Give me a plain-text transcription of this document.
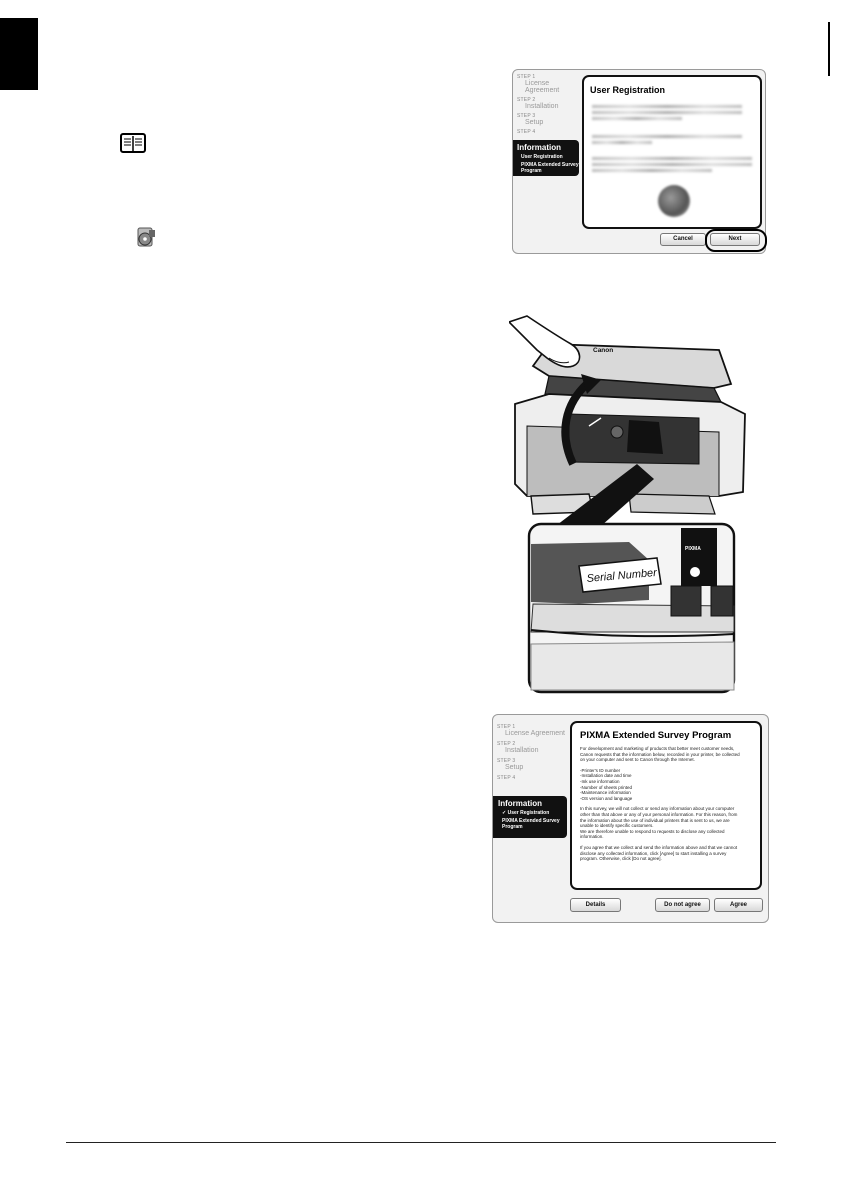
STEP 1
License Agreement
STEP 2
Installation
STEP 3
Setup
STEP 4
Information
User Registration
PIXMA Extended Survey Program
User Registration
Cancel	Next
Canon
PIXMA
Serial Number
STEP 1
License Agreement
STEP 2
Installation
STEP 3
Setup
STEP 4
Information
✓ User Registration
PIXMA Extended Survey Program
PIXMA Extended Survey Program
For development and marketing of products that better meet customer needs,
Canon requests that the information below, recorded in your printer, be collected
on your computer and sent to Canon through the Internet.
-Printer's ID number
-Installation date and time
-Ink use information
-Number of sheets printed
-Maintenance information
-OS version and language
In this survey, we will not collect or send any information about your computer
other than that above or any of your personal information. For this reason, from
the information about the use of individual printers that is sent to us, we are
unable to identify specific customers.
We are therefore unable to respond to requests to disclose any collected
information.
If you agree that we collect and send the information above and that we cannot
disclose any collected information, click [Agree] to start installing a survey
program. Otherwise, click [Do not agree].
Details	Do not agree	Agree
